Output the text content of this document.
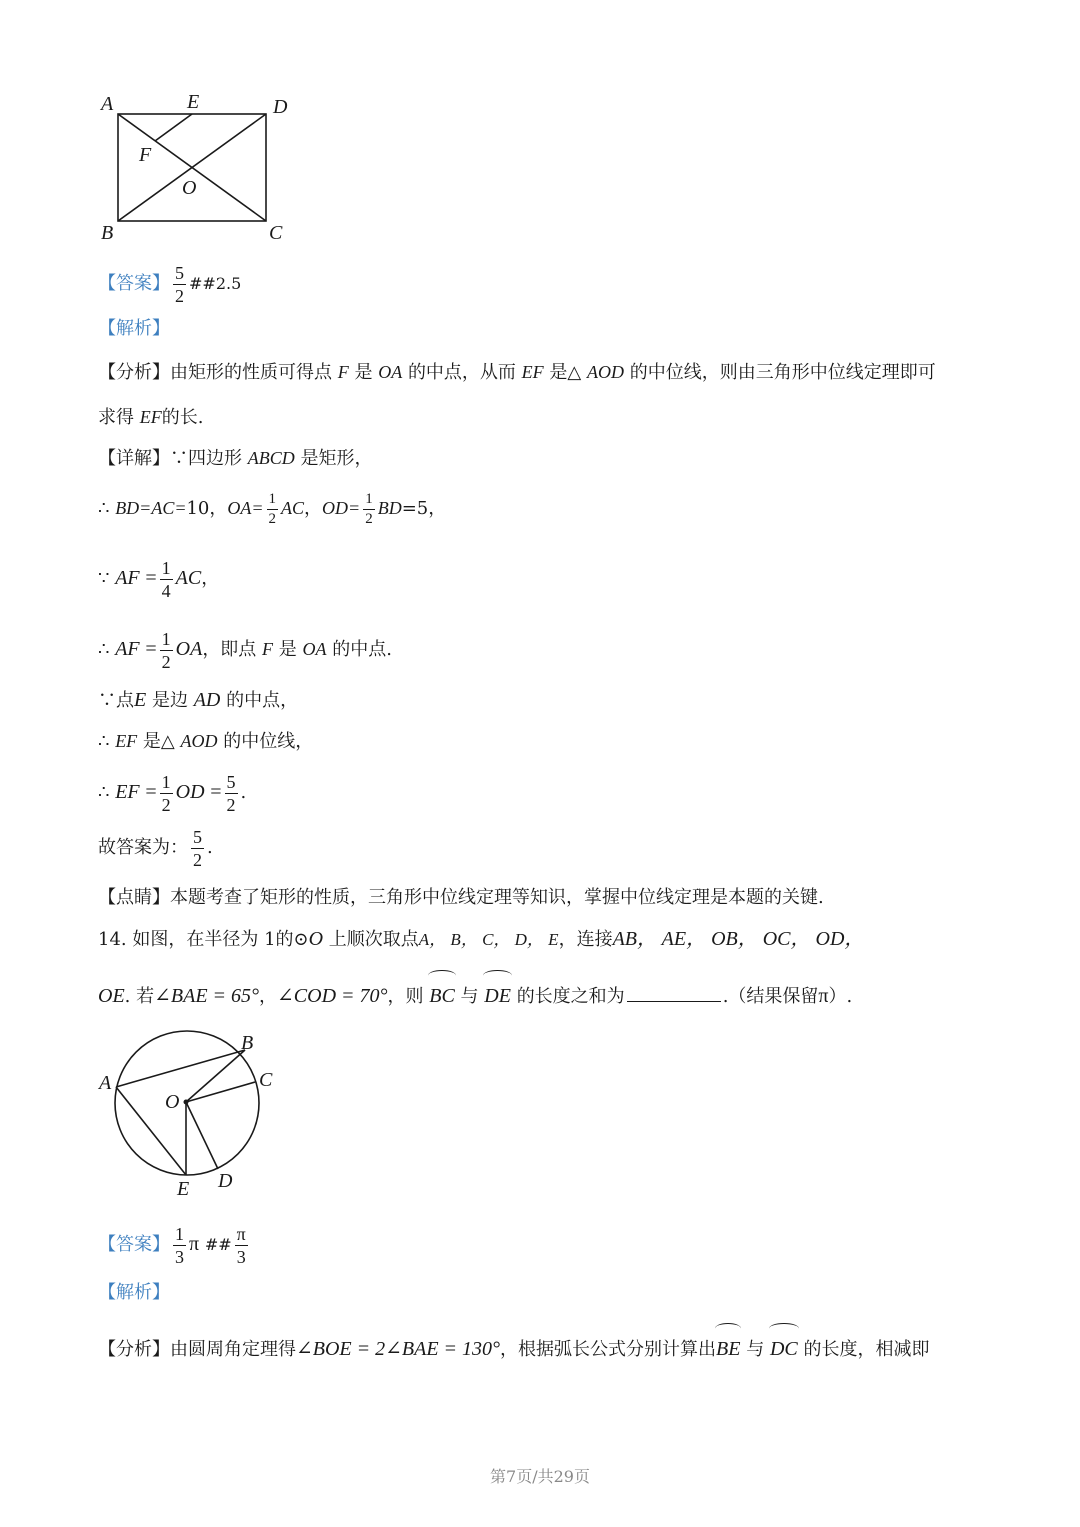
A	E	D
F
O
B	C
【答案】 $\frac{5}{2}$ ##2.5
【解析】
【分析】由矩形的性质可得点 F 是 OA 的中点，从而 EF 是△ AOD 的中位线，则由三角形中位线定理即可
求得 EF的长.
【详解】∵四边形 ABCD 是矩形，
∴ BD=AC=10，$OA= \frac{1}{2}$ AC，$OD= \frac{1}{2} BD=5$，
∵ AF = $\frac{1}{4}$ AC，
∴ AF = $\frac{1}{2}$ OA，即点 F 是 OA 的中点.
∵点E 是边 AD 的中点，
∴ EF 是△ AOD 的中位线，
∴ EF = $\frac{1}{2}$ OD = $\frac{5}{2}$ .
故答案为： $\frac{5}{2}$ .
【点睛】本题考查了矩形的性质，三角形中位线定理等知识，掌握中位线定理是本题的关键.
14. 如图，在半径为 1的⊙O 上顺次取点A， B， C， D， E，连接AB， AE， OB， OC， OD，
OE. 若∠BAE = 65°，∠COD = 70°，则 BC 与 DE 的长度之和为	.（结果保留π）.
A
B
C
O
D
E
【答案】 $\frac{1}{3}$ π ## $\frac{\pi}{3}$
【解析】
【分析】由圆周角定理得∠BOE = 2∠BAE = 130°，根据弧长公式分别计算出BE 与 DC 的长度，相减即
第7页/共29页
